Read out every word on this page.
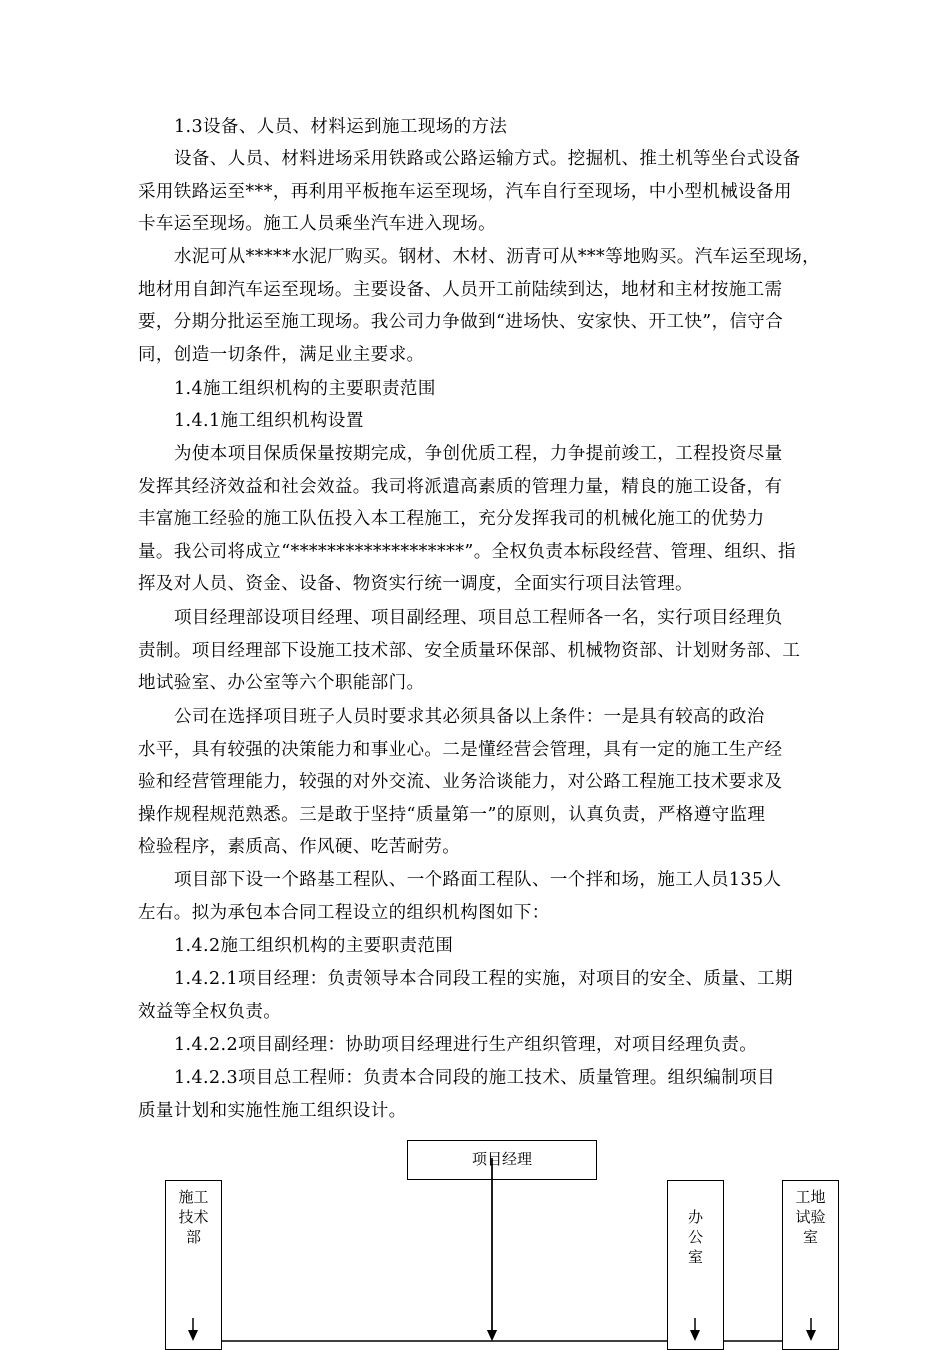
1.3设备、人员、材料运到施工现场的方法
设备、人员、材料进场采用铁路或公路运输方式。挖掘机、推土机等坐台式设备
采用铁路运至***，再利用平板拖车运至现场，汽车自行至现场，中小型机械设备用
卡车运至现场。施工人员乘坐汽车进入现场。
水泥可从*****水泥厂购买。钢材、木材、沥青可从***等地购买。汽车运至现场，
地材用自卸汽车运至现场。主要设备、人员开工前陆续到达，地材和主材按施工需
要，分期分批运至施工现场。我公司力争做到“进场快、安家快、开工快”，信守合
同，创造一切条件，满足业主要求。
1.4施工组织机构的主要职责范围
1.4.1施工组织机构设置
为使本项目保质保量按期完成，争创优质工程，力争提前竣工，工程投资尽量
发挥其经济效益和社会效益。我司将派遣高素质的管理力量，精良的施工设备，有
丰富施工经验的施工队伍投入本工程施工，充分发挥我司的机械化施工的优势力
量。我公司将成立“*******************”。全权负责本标段经营、管理、组织、指
挥及对人员、资金、设备、物资实行统一调度，全面实行项目法管理。
项目经理部设项目经理、项目副经理、项目总工程师各一名，实行项目经理负
责制。项目经理部下设施工技术部、安全质量环保部、机械物资部、计划财务部、工
地试验室、办公室等六个职能部门。
公司在选择项目班子人员时要求其必须具备以上条件：一是具有较高的政治
水平，具有较强的决策能力和事业心。二是懂经营会管理，具有一定的施工生产经
验和经营管理能力，较强的对外交流、业务洽谈能力，对公路工程施工技术要求及
操作规程规范熟悉。三是敢于坚持“质量第一”的原则，认真负责，严格遵守监理
检验程序，素质高、作风硬、吃苦耐劳。
项目部下设一个路基工程队、一个路面工程队、一个拌和场，施工人员135人
左右。拟为承包本合同工程设立的组织机构图如下：
1.4.2施工组织机构的主要职责范围
1.4.2.1项目经理：负责领导本合同段工程的实施，对项目的安全、质量、工期
效益等全权负责。
1.4.2.2项目副经理：协助项目经理进行生产组织管理，对项目经理负责。
1.4.2.3项目总工程师：负责本合同段的施工技术、质量管理。组织编制项目
质量计划和实施性施工组织设计。
项目经理
施工
技术
部
办
公
室
工地
试验
室
